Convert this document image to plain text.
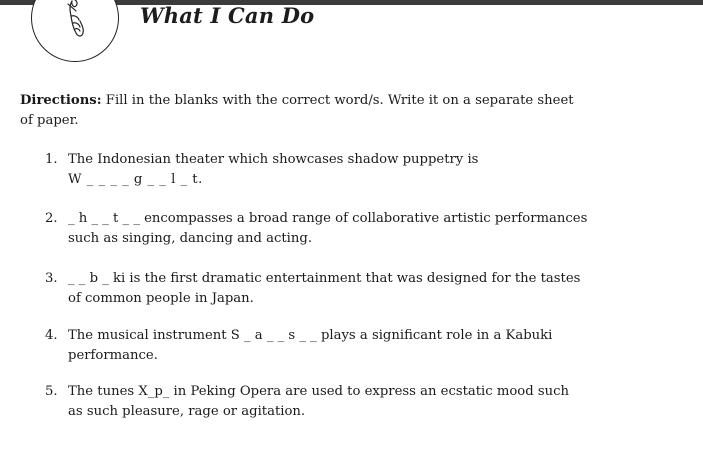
What I Can Do
Directions: Fill in the blanks with the correct word/s. Write it on a separate sheet
of paper.
1. The Indonesian theater which showcases shadow puppetry is
W _ _ _ _ g _ _ l _ t.
2. _ h _ _ t _ _ encompasses a broad range of collaborative artistic performances
such as singing, dancing and acting.
3. _ _ b _ ki is the first dramatic entertainment that was designed for the tastes
of common people in Japan.
4. The musical instrument S _ a _ _ s _ _ plays a significant role in a Kabuki
performance.
5. The tunes X_p_ in Peking Opera are used to express an ecstatic mood such
as such pleasure, rage or agitation.
